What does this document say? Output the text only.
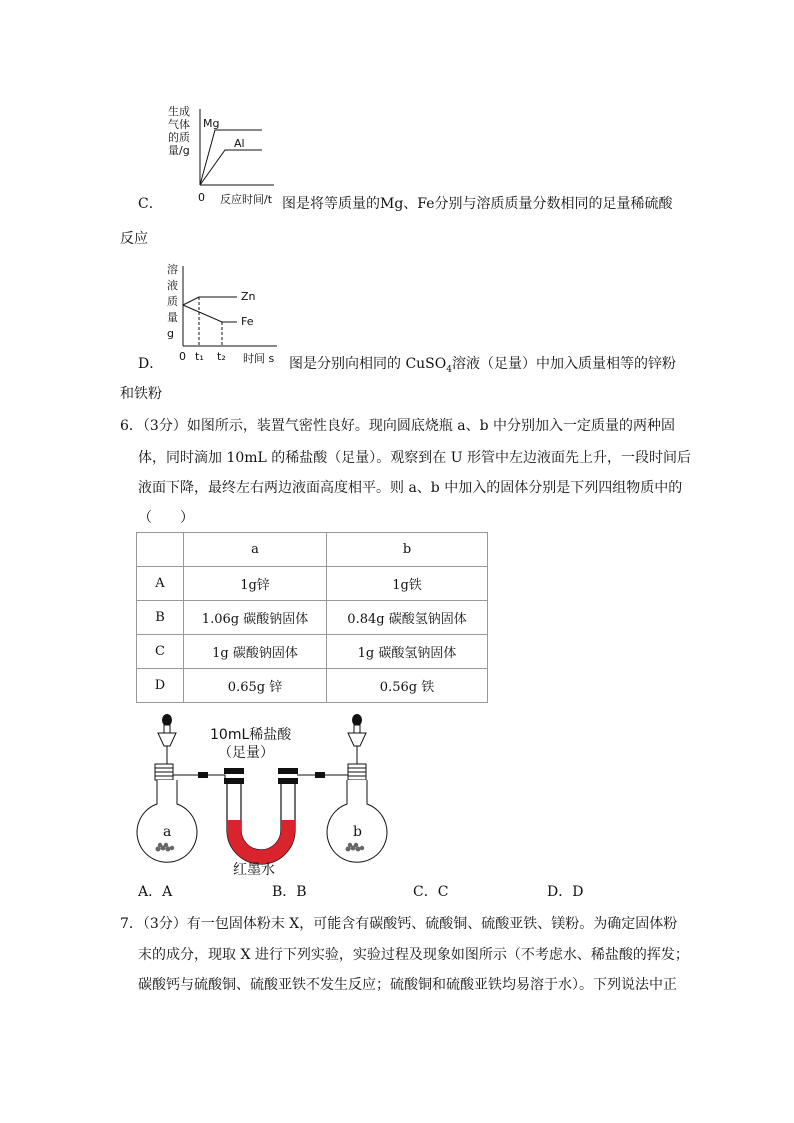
生成
气体
的质
量/g
Mg
Al
0 反应时间/t
C．	图是将等质量的Mg、Fe分别与溶质质量分数相同的足量稀硫酸
反应
溶
液
质
量
g
Zn
Fe
0 t₁ t₂ 时间 s
D．	图是分别向相同的 CuSO$_4$溶液（足量）中加入质量相等的锌粉
和铁粉
6．（3分）如图所示，装置气密性良好。现向圆底烧瓶 a、b 中分别加入一定质量的两种固
体，同时滴加 10mL 的稀盐酸（足量）。观察到在 U 形管中左边液面先上升，一段时间后
液面下降，最终左右两边液面高度相平。则 a、b 中加入的固体分别是下列四组物质中的
（　　）
	a	b
A	1g锌	1g铁
B	1.06g 碳酸钠固体	0.84g 碳酸氢钠固体
C	1g 碳酸钠固体	1g 碳酸氢钠固体
D	0.65g 锌	0.56g 铁
10mL稀盐酸
（足量）
a	b
红墨水
A．A	B．B	C．C	D．D
7．（3分）有一包固体粉末 X，可能含有碳酸钙、硫酸铜、硫酸亚铁、镁粉。为确定固体粉
末的成分，现取 X 进行下列实验，实验过程及现象如图所示（不考虑水、稀盐酸的挥发；
碳酸钙与硫酸铜、硫酸亚铁不发生反应；硫酸铜和硫酸亚铁均易溶于水）。下列说法中正
